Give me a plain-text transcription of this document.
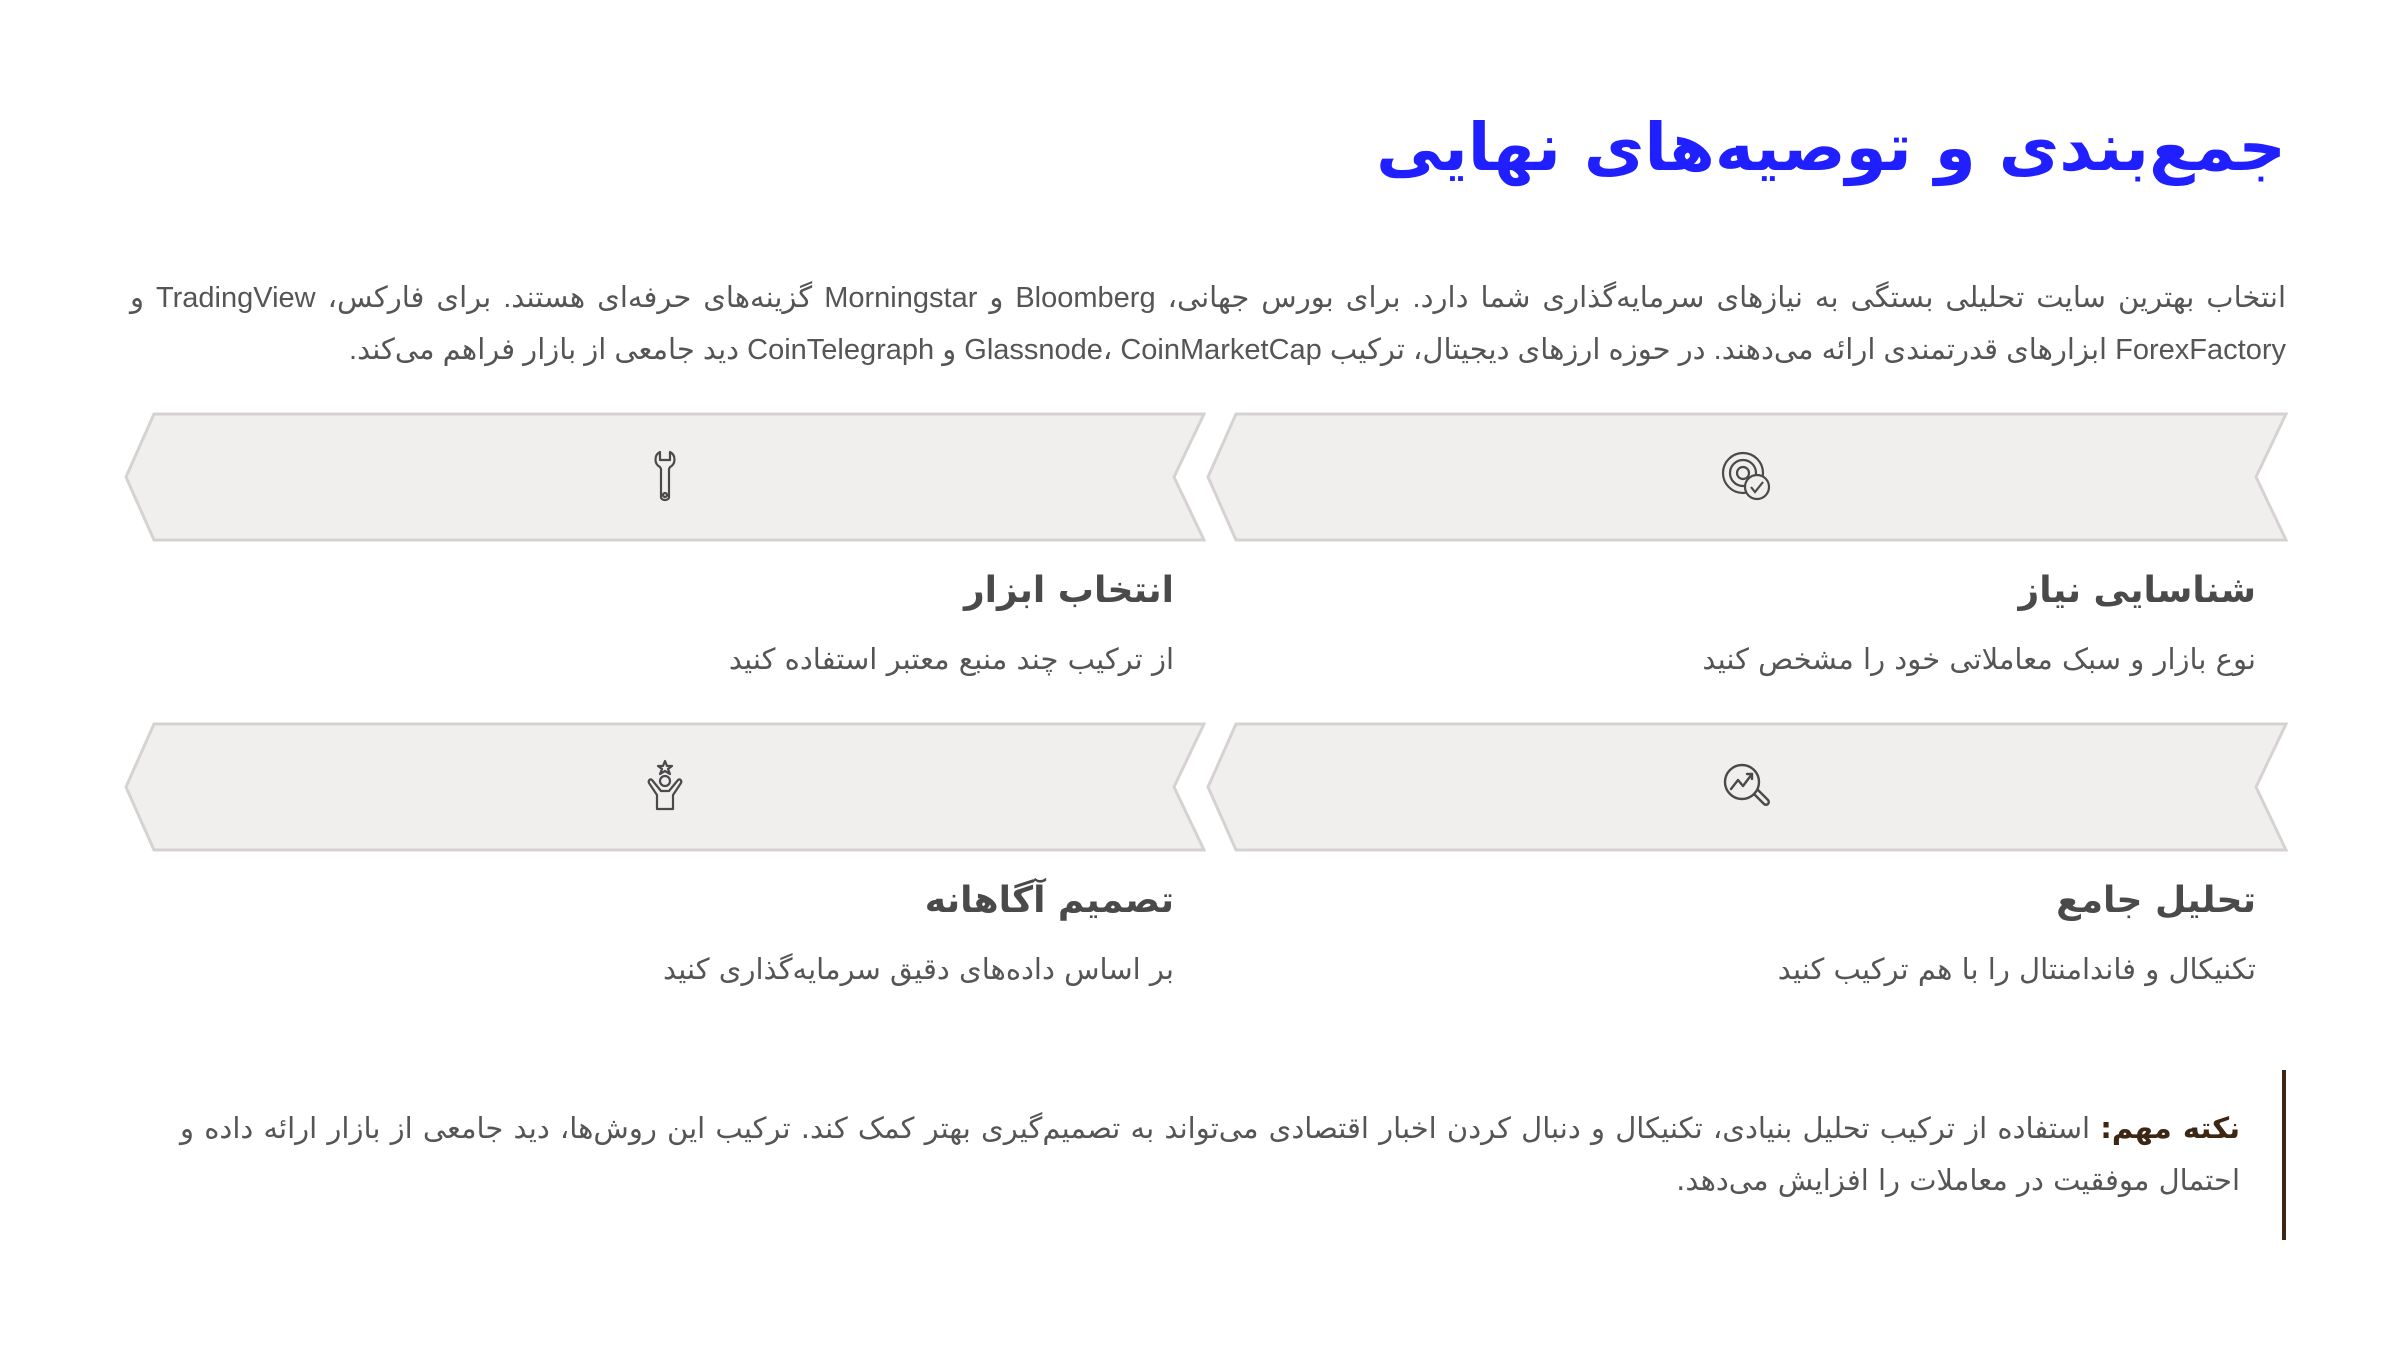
جمع‌بندی و توصیه‌های نهایی

انتخاب بهترین سایت تحلیلی بستگی به نیازهای سرمایه‌گذاری شما دارد. برای بورس جهانی، Bloomberg و Morningstar گزینه‌های حرفه‌ای هستند. برای فارکس، TradingView و ForexFactory ابزارهای قدرتمندی ارائه می‌دهند. در حوزه ارزهای دیجیتال، ترکیب Glassnode، CoinMarketCap و CoinTelegraph دید جامعی از بازار فراهم می‌کند.

شناسایی نیاز

نوع بازار و سبک معاملاتی خود را مشخص کنید

انتخاب ابزار

از ترکیب چند منبع معتبر استفاده کنید

تحلیل جامع

تکنیکال و فاندامنتال را با هم ترکیب کنید

تصمیم آگاهانه

بر اساس داده‌های دقیق سرمایه‌گذاری کنید

نکته مهم: استفاده از ترکیب تحلیل بنیادی، تکنیکال و دنبال کردن اخبار اقتصادی می‌تواند به تصمیم‌گیری بهتر کمک کند. ترکیب این روش‌ها، دید جامعی از بازار ارائه داده و احتمال موفقیت در معاملات را افزایش می‌دهد.
